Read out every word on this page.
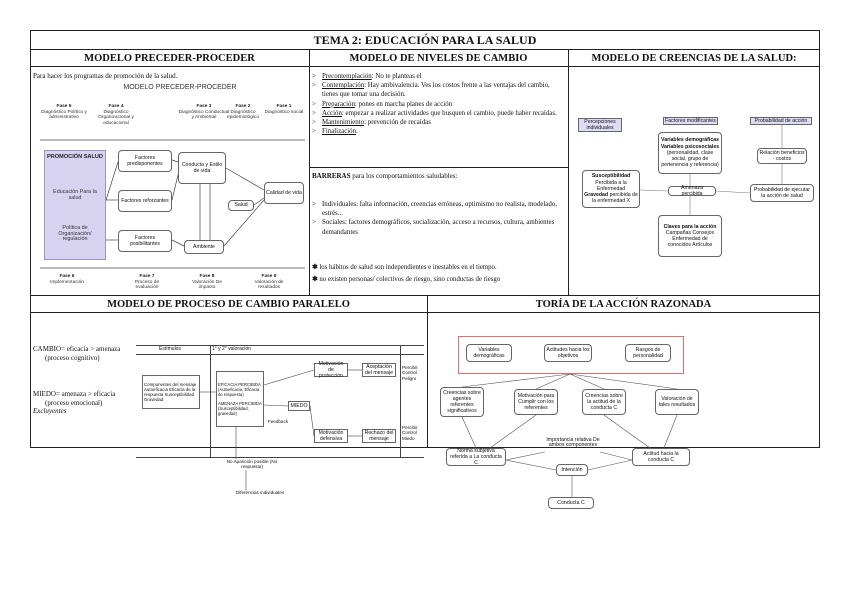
TEMA 2: EDUCACIÓN PARA LA SALUD
MODELO PRECEDER-PROCEDER
Para hacer los programas de promoción de la salud.
MODELO PRECEDER-PROCEDER
Fase 5
Diagnóstico Político y administrativo
Fase 4
Diagnóstico Organizacional y educacional
Fase 3
Diagnóstico Conductual y Ambiental
Fase 2
Diagnóstico epidemiológico
Fase 1
Diagnóstico social
PROMOCIÓN SALUD
Educación Para la salud
Política de Organización/ regulación
Factores predisponentes
Factores reforzantes
Factores posibilitantes
Conducta y Estilo de vida
Ambiente
Salud
Calidad de vida
Fase 6
Implementación
Fase 7
Proceso de evaluación
Fase 8
Valoración De impacto
Fase 9
Valoración de resultados
MODELO DE NIVELES DE CAMBIO
> Precontemplación: No te planteas el
> Contemplación: Hay ambivalencia. Ves los costos frente a las ventajas del cambio, tienes que tomar una decisión.
> Preparación: pones en marcha planes de acción
> Acción: empezar a realizar actividades que busquen el cambio, puede haber recaídas.
> Mantenimiento: prevención de recaídas
> Finalización.
BARRERAS para los comportamientos saludables:
> Individuales: falta información, creencias erróneas, optimismo no realista, modelado, estrés...
> Sociales: factores demográficos, socialización, acceso a recursos, cultura, ambientes demandantes
✱ los hábitos de salud son independientes e inestables en el tiempo.
✱ no existen personas/ colectivos de riesgo, sino conductas de riesgo
MODELO DE CREENCIAS DE LA SALUD:
Percepciones individuales
Factores modificantes	Probabilidad de acción
Variables demográficas
Variables psicosociales
(personalidad, clase social, grupo de pertenencia y referencia)
Susceptibilidad
Percibida a la Enfermedad
Gravedad percibida de la enfermedad X
Amenaza percibida
Claves para la acción
Campañas Consejos Enfermedad de conocidos Artículos
Relación beneficios - costos
Probabilidad de ejecutar la acción de salud
MODELO DE PROCESO DE CAMBIO PARALELO
CAMBIO= eficacia > amenaza
(proceso cognitivo)
MIEDO= amenaza > eficacia
(proceso emocional)
Excluyentes
Estímulos	1° y 2° valoración
Componentes del mensaje
Autoeficacia Eficacia de la respuesta Susceptibilidad Gravedad
EFICACIA PERCIBIDA (Autoeficacia, Eficacia de respuesta)
AMENAZA PERCIBIDA (Susceptibilidad, gravedad)
MIEDO
Feedback
Motivación de protección
Motivación defensiva
Aceptación del mensaje
Rechazo del mensaje
Percibir Control Peligro
Percibir Control Miedo
No Aparición posible (No respuesta)
Diferencias individuales
TORÍA DE LA ACCIÓN RAZONADA
Variables demográficas
Actitudes hacia los objetivos
Rasgos de personalidad
Creencias sobre agentes referentes significativos
Motivación para Cumplir con los referentes
Creencias sobre la actitud de la conducta C
Valoración de tales resultados
Importancia relativa De ambos componentes
Norma subjetiva referida a La conducta C
Actitud hacia la conducta C
Intención
Conducta C
